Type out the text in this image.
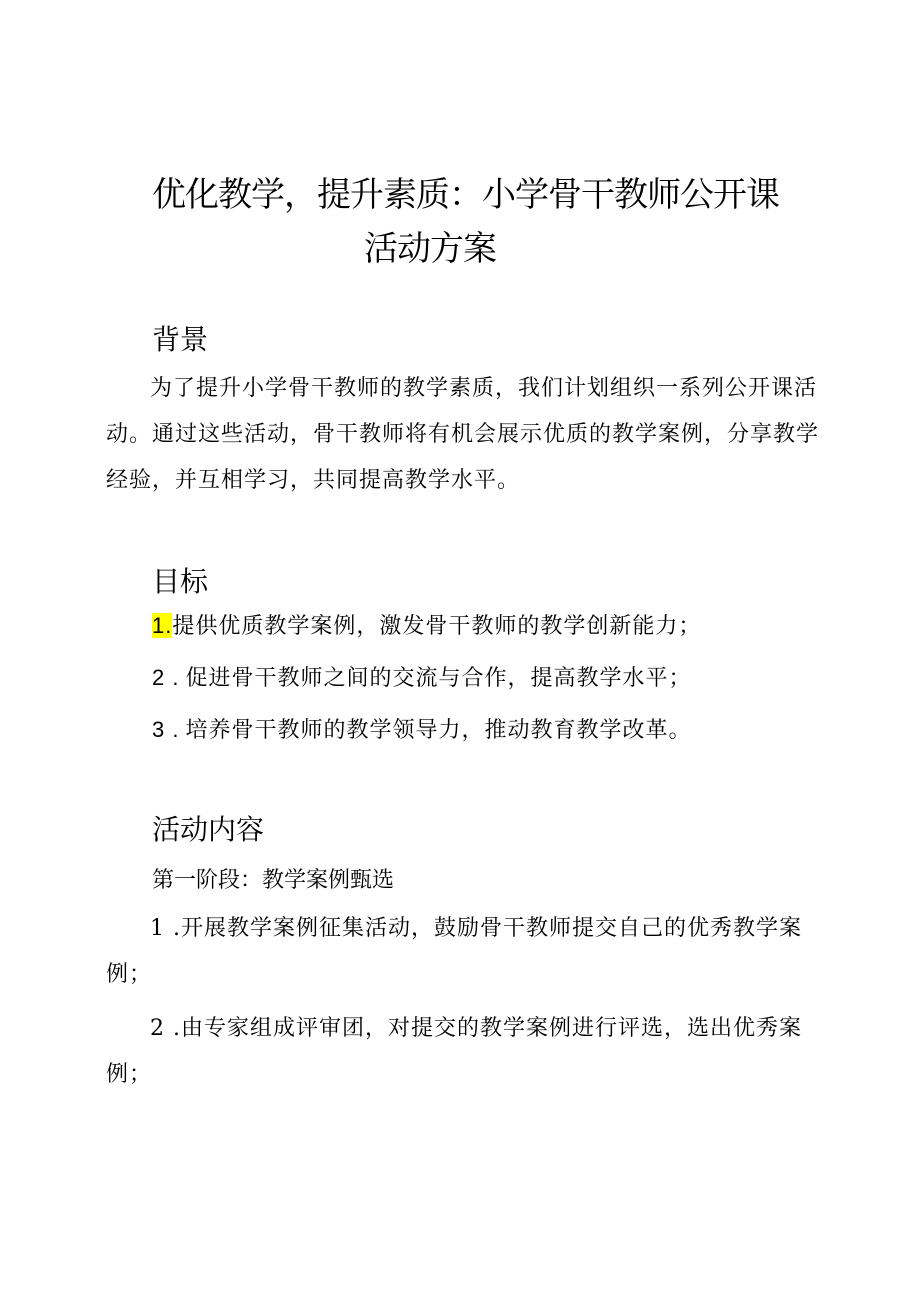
优化教学，提升素质：小学骨干教师公开课
活动方案
背景

为了提升小学骨干教师的教学素质，我们计划组织一系列公开课活动。通过这些活动，骨干教师将有机会展示优质的教学案例，分享教学经验，并互相学习，共同提高教学水平。

目标

1.提供优质教学案例，激发骨干教师的教学创新能力；

2 . 促进骨干教师之间的交流与合作，提高教学水平；

3 . 培养骨干教师的教学领导力，推动教育教学改革。

活动内容
第一阶段：教学案例甄选

1 .开展教学案例征集活动，鼓励骨干教师提交自己的优秀教学案例；

2 .由专家组成评审团，对提交的教学案例进行评选，选出优秀案例；
